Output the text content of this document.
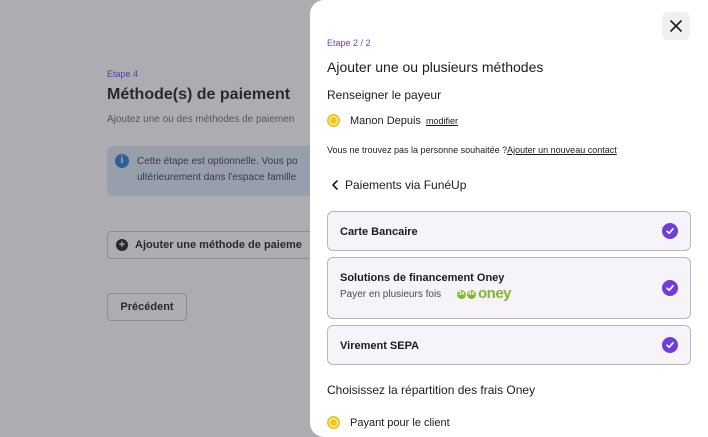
Etape 4
Méthode(s) de paiement
Ajoutez une ou des méthodes de paiemen
i	Cette étape est optionnelle. Vous po
ultérieurement dans l'espace famille
+ Ajouter une méthode de paieme
Précédent
Etape 2 / 2
Ajouter une ou plusieurs méthodes
Renseigner le payeur
Manon Depuis modifier
Vous ne trouvez pas la personne souhaitée ?Ajouter un nouveau contact
Paiements via FunéUp
Carte Bancaire
Solutions de financement Oney
Payer en plusieurs fois	3x 4x oney
Virement SEPA
Choisissez la répartition des frais Oney
Payant pour le client
